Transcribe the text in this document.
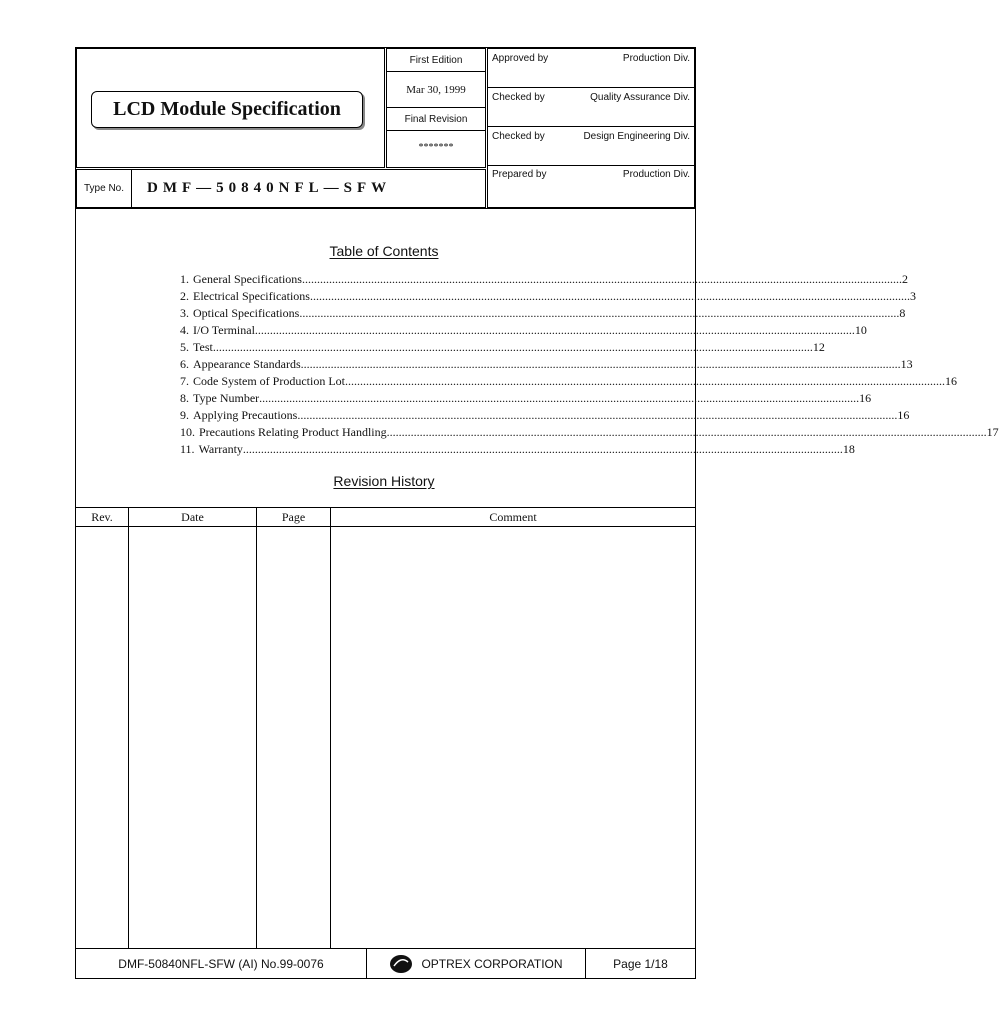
LCD Module Specification
First Edition
Mar 30, 1999
Final Revision
*******
Approved by	Production Div.
Checked by	Quality Assurance Div.
Checked by	Design Engineering Div.
Prepared by	Production Div.
Type No.	DMF—50840NFL—SFW
Table of Contents
1. General Specifications ........................................................................................................................................................................................................ 2
2. Electrical Specifications ........................................................................................................................................................................................................ 3
3. Optical Specifications ........................................................................................................................................................................................................ 8
4. I/O Terminal ........................................................................................................................................................................................................ 10
5. Test ........................................................................................................................................................................................................ 12
6. Appearance Standards ........................................................................................................................................................................................................ 13
7. Code System of Production Lot ........................................................................................................................................................................................................ 16
8. Type Number ........................................................................................................................................................................................................ 16
9. Applying Precautions ........................................................................................................................................................................................................ 16
10. Precautions Relating Product Handling ........................................................................................................................................................................................................ 17
11. Warranty ........................................................................................................................................................................................................ 18
Revision History
Rev.	Date	Page	Comment
DMF-50840NFL-SFW (AI) No.99-0076	OPTREX CORPORATION	Page 1/18
